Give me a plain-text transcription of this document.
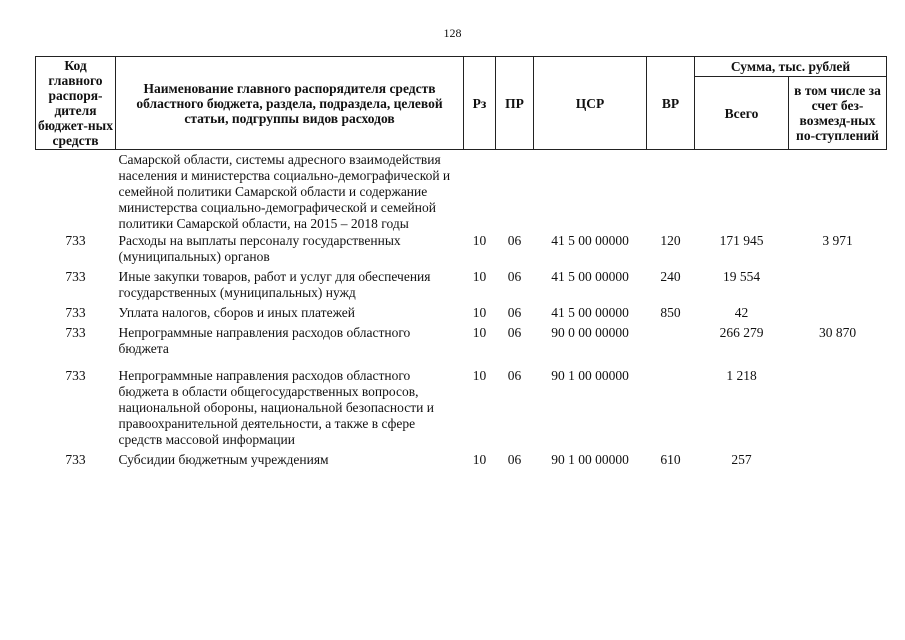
128
Код главного распоря-дителя бюджет-ных средств	Наименование главного распорядителя средств областного бюджета, раздела, подраздела, целевой статьи, подгруппы видов расходов	Рз	ПР	ЦСР	ВР	Сумма, тыс. рублей	
						Всего	в том числе за счет без-возмезд-ных по-ступлений
	Самарской области, системы адресного взаимодействия населения и министерства социально-демографической и семейной политики Самарской области и содержание министерства социально-демографической и семейной политики Самарской области, на 2015 – 2018 годы						
733	Расходы на выплаты персоналу государственных (муниципальных) органов	10	06	41 5 00 00000	120	171 945	3 971
733	Иные закупки товаров, работ и услуг для обеспечения государственных (муниципальных) нужд	10	06	41 5 00 00000	240	19 554	
733	Уплата налогов, сборов и иных платежей	10	06	41 5 00 00000	850	42	
733	Непрограммные направления расходов областного бюджета	10	06	90 0 00 00000		266 279	30 870
733	Непрограммные направления расходов областного бюджета в области общегосударственных вопросов, национальной обороны, национальной безопасности и правоохранительной деятельности, а также в сфере средств массовой информации	10	06	90 1 00 00000		1 218	
733	Субсидии бюджетным учреждениям	10	06	90 1 00 00000	610	257	
